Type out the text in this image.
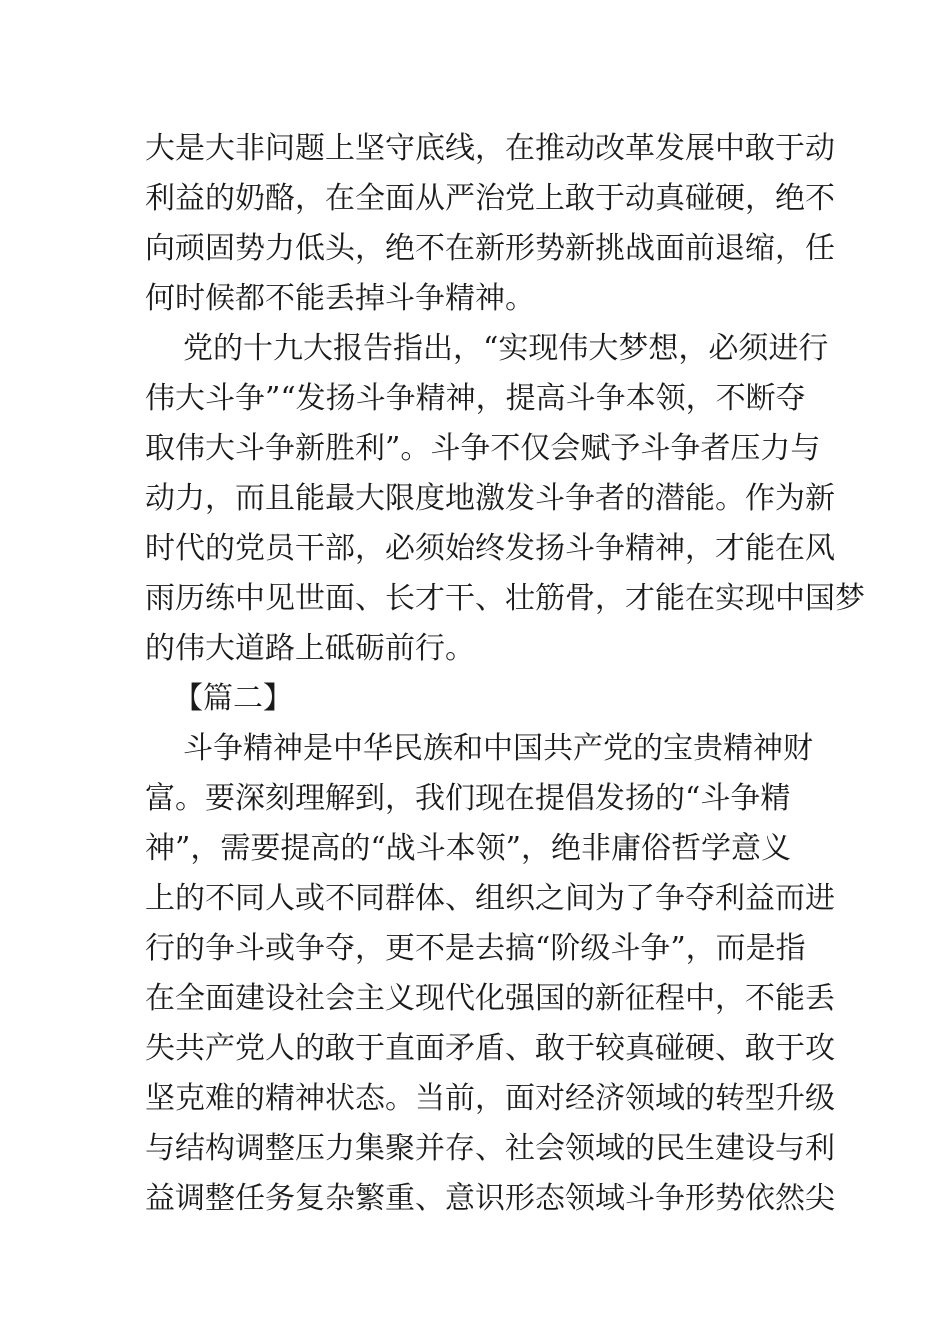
大是大非问题上坚守底线，在推动改革发展中敢于动
利益的奶酪，在全面从严治党上敢于动真碰硬，绝不
向顽固势力低头，绝不在新形势新挑战面前退缩，任
何时候都不能丢掉斗争精神。
党的十九大报告指出，“实现伟大梦想，必须进行
伟大斗争”“发扬斗争精神，提高斗争本领，不断夺
取伟大斗争新胜利”。斗争不仅会赋予斗争者压力与
动力，而且能最大限度地激发斗争者的潜能。作为新
时代的党员干部，必须始终发扬斗争精神，才能在风
雨历练中见世面、长才干、壮筋骨，才能在实现中国梦
的伟大道路上砥砺前行。
【篇二】
斗争精神是中华民族和中国共产党的宝贵精神财
富。要深刻理解到，我们现在提倡发扬的“斗争精
神”，需要提高的“战斗本领”，绝非庸俗哲学意义
上的不同人或不同群体、组织之间为了争夺利益而进
行的争斗或争夺，更不是去搞“阶级斗争”，而是指
在全面建设社会主义现代化强国的新征程中，不能丢
失共产党人的敢于直面矛盾、敢于较真碰硬、敢于攻
坚克难的精神状态。当前，面对经济领域的转型升级
与结构调整压力集聚并存、社会领域的民生建设与利
益调整任务复杂繁重、意识形态领域斗争形势依然尖
